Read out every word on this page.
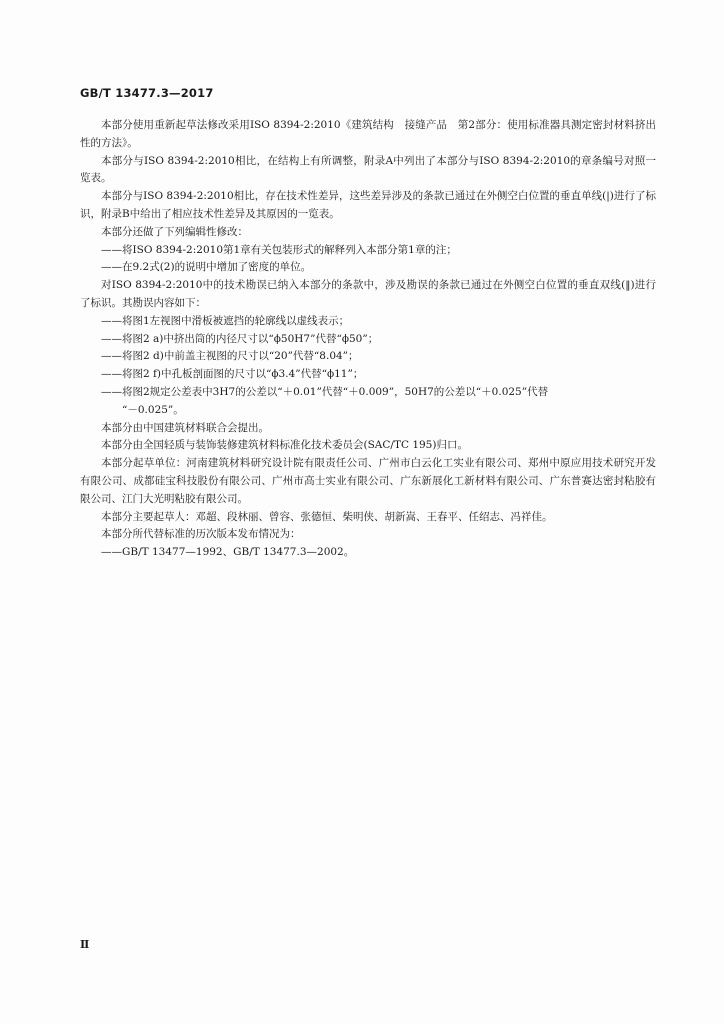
GB/T 13477.3—2017

本部分使用重新起草法修改采用ISO 8394-2:2010《建筑结构　接缝产品　第2部分：使用标准器具测定密封材料挤出性的方法》。

本部分与ISO 8394-2:2010相比，在结构上有所调整，附录A中列出了本部分与ISO 8394-2:2010的章条编号对照一览表。

本部分与ISO 8394-2:2010相比，存在技术性差异，这些差异涉及的条款已通过在外侧空白位置的垂直单线(|)进行了标识，附录B中给出了相应技术性差异及其原因的一览表。

本部分还做了下列编辑性修改：

——将ISO 8394-2:2010第1章有关包装形式的解释列入本部分第1章的注；

——在9.2式(2)的说明中增加了密度的单位。

对ISO 8394-2:2010中的技术勘误已纳入本部分的条款中，涉及勘误的条款已通过在外侧空白位置的垂直双线(‖)进行了标识。其勘误内容如下：

——将图1左视图中滑板被遮挡的轮廓线以虚线表示；

——将图2 a)中挤出筒的内径尺寸以“ϕ50H7”代替“ϕ50”；

——将图2 d)中前盖主视图的尺寸以“20”代替“8.04”；

——将图2 f)中孔板剖面图的尺寸以“ϕ3.4”代替“ϕ11”；

——将图2规定公差表中3H7的公差以“＋0.01”代替“＋0.009”，50H7的公差以“＋0.025”代替

“－0.025”。

本部分由中国建筑材料联合会提出。

本部分由全国轻质与装饰装修建筑材料标准化技术委员会(SAC/TC 195)归口。

本部分起草单位：河南建筑材料研究设计院有限责任公司、广州市白云化工实业有限公司、郑州中原应用技术研究开发有限公司、成都硅宝科技股份有限公司、广州市高士实业有限公司、广东新展化工新材料有限公司、广东普赛达密封粘胶有限公司、江门大光明粘胶有限公司。

本部分主要起草人：邓超、段林丽、曾容、张德恒、柴明侠、胡新嵩、王春平、任绍志、冯祥佳。

本部分所代替标准的历次版本发布情况为：

——GB/T 13477—1992、GB/T 13477.3—2002。

Ⅱ
